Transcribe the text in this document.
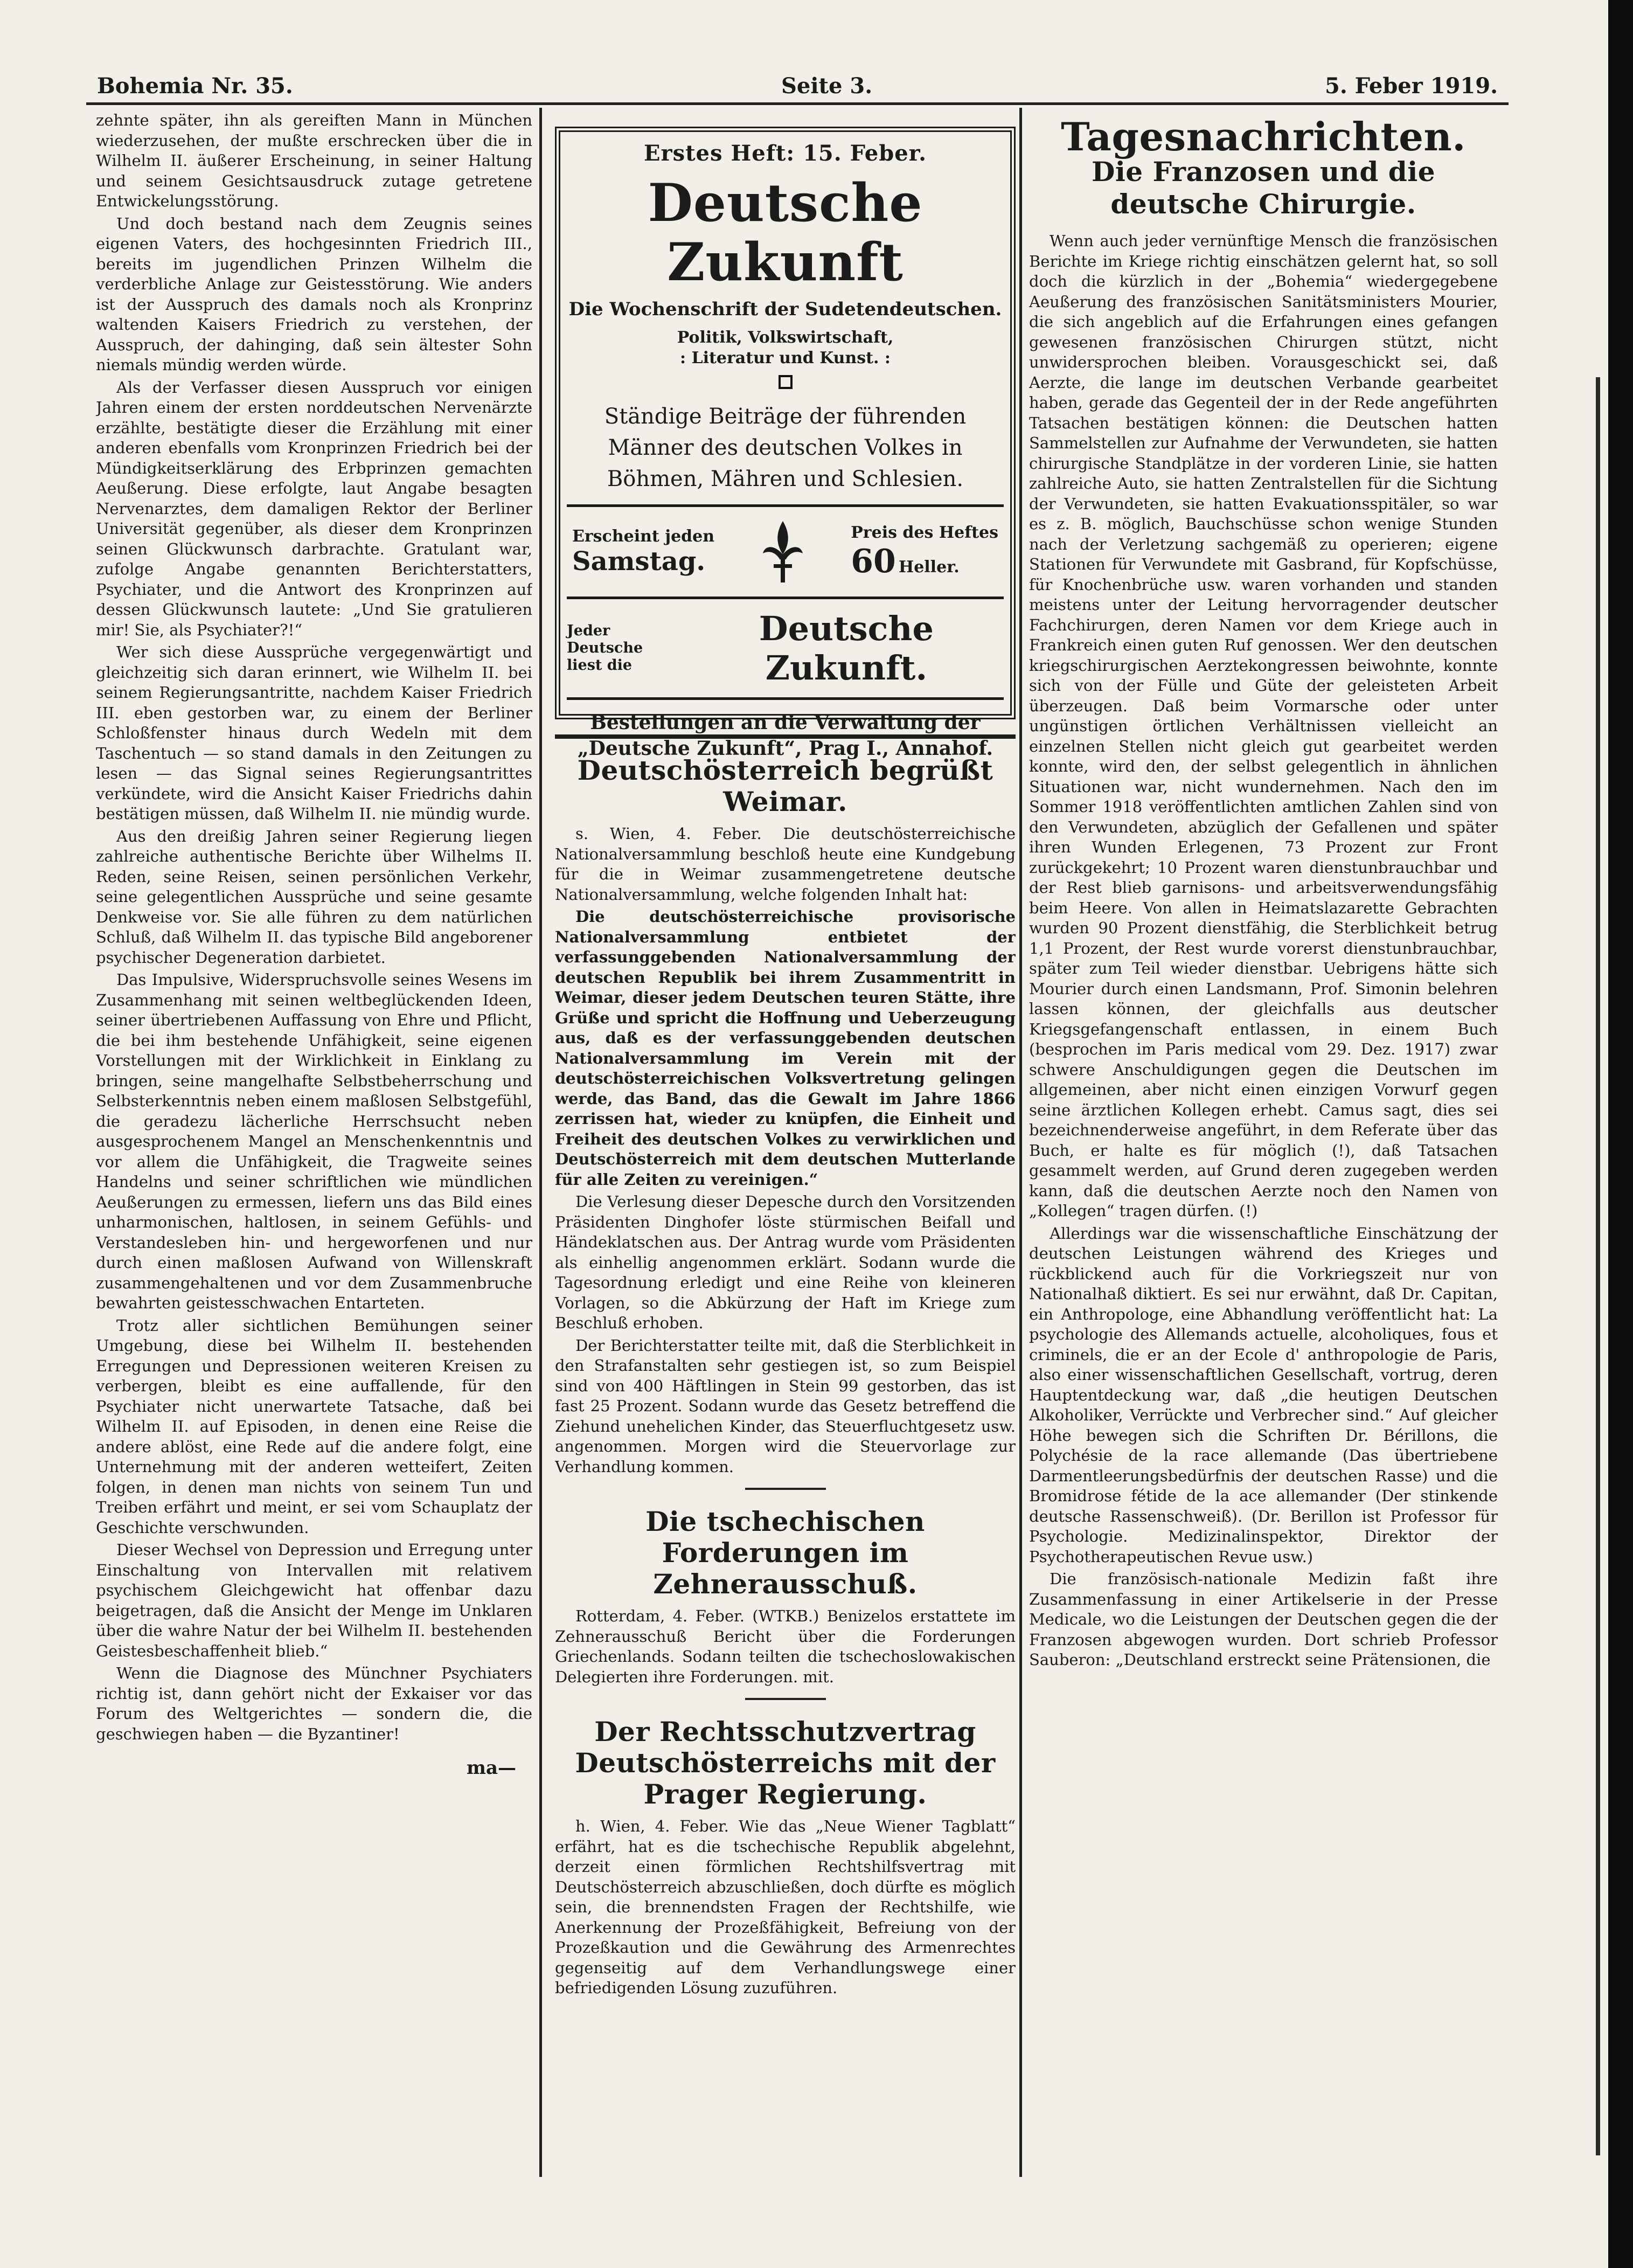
Bohemia Nr. 35.	Seite 3.	5. Feber 1919.

zehnte später, ihn als gereiften Mann in München wiederzusehen, der mußte erschrecken über die in Wilhelm II. äußerer Erscheinung, in seiner Haltung und seinem Gesichtsausdruck zutage getretene Entwickelungsstörung.

Und doch bestand nach dem Zeugnis seines eigenen Vaters, des hochgesinnten Friedrich III., bereits im jugendlichen Prinzen Wilhelm die verderbliche Anlage zur Geistesstörung. Wie anders ist der Ausspruch des damals noch als Kronprinz waltenden Kaisers Friedrich zu verstehen, der Ausspruch, der dahinging, daß sein ältester Sohn niemals mündig werden würde.

Als der Verfasser diesen Ausspruch vor einigen Jahren einem der ersten norddeutschen Nervenärzte erzählte, bestätigte dieser die Erzählung mit einer anderen ebenfalls vom Kronprinzen Friedrich bei der Mündigkeitserklärung des Erbprinzen gemachten Aeußerung. Diese erfolgte, laut Angabe besagten Nervenarztes, dem damaligen Rektor der Berliner Universität gegenüber, als dieser dem Kronprinzen seinen Glückwunsch darbrachte. Gratulant war, zufolge Angabe genannten Berichterstatters, Psychiater, und die Antwort des Kronprinzen auf dessen Glückwunsch lautete: „Und Sie gratulieren mir! Sie, als Psychiater?!“

Wer sich diese Aussprüche vergegenwärtigt und gleichzeitig sich daran erinnert, wie Wilhelm II. bei seinem Regierungsantritte, nachdem Kaiser Friedrich III. eben gestorben war, zu einem der Berliner Schloßfenster hinaus durch Wedeln mit dem Taschentuch — so stand damals in den Zeitungen zu lesen — das Signal seines Regierungsantrittes verkündete, wird die Ansicht Kaiser Friedrichs dahin bestätigen müssen, daß Wilhelm II. nie mündig wurde.

Aus den dreißig Jahren seiner Regierung liegen zahlreiche authentische Berichte über Wilhelms II. Reden, seine Reisen, seinen persönlichen Verkehr, seine gelegentlichen Aussprüche und seine gesamte Denkweise vor. Sie alle führen zu dem natürlichen Schluß, daß Wilhelm II. das typische Bild angeborener psychischer Degeneration darbietet.

Das Impulsive, Widerspruchsvolle seines Wesens im Zusammenhang mit seinen weltbeglückenden Ideen, seiner übertriebenen Auffassung von Ehre und Pflicht, die bei ihm bestehende Unfähigkeit, seine eigenen Vorstellungen mit der Wirklichkeit in Einklang zu bringen, seine mangelhafte Selbstbeherrschung und Selbsterkenntnis neben einem maßlosen Selbstgefühl, die geradezu lächerliche Herrschsucht neben ausgesprochenem Mangel an Menschenkenntnis und vor allem die Unfähigkeit, die Tragweite seines Handelns und seiner schriftlichen wie mündlichen Aeußerungen zu ermessen, liefern uns das Bild eines unharmonischen, haltlosen, in seinem Gefühls- und Verstandesleben hin- und hergeworfenen und nur durch einen maßlosen Aufwand von Willenskraft zusammengehaltenen und vor dem Zusammenbruche bewahrten geistesschwachen Entarteten.

Trotz aller sichtlichen Bemühungen seiner Umgebung, diese bei Wilhelm II. bestehenden Erregungen und Depressionen weiteren Kreisen zu verbergen, bleibt es eine auffallende, für den Psychiater nicht unerwartete Tatsache, daß bei Wilhelm II. auf Episoden, in denen eine Reise die andere ablöst, eine Rede auf die andere folgt, eine Unternehmung mit der anderen wetteifert, Zeiten folgen, in denen man nichts von seinem Tun und Treiben erfährt und meint, er sei vom Schauplatz der Geschichte verschwunden.

Dieser Wechsel von Depression und Erregung unter Einschaltung von Intervallen mit relativem psychischem Gleichgewicht hat offenbar dazu beigetragen, daß die Ansicht der Menge im Unklaren über die wahre Natur der bei Wilhelm II. bestehenden Geistesbeschaffenheit blieb.“

Wenn die Diagnose des Münchner Psychiaters richtig ist, dann gehört nicht der Exkaiser vor das Forum des Weltgerichtes — sondern die, die geschwiegen haben — die Byzantiner!

ma—
Erstes Heft: 15. Feber.
Deutsche Zukunft
Die Wochenschrift der Sudetendeutschen.
Politik, Volkswirtschaft,
: Literatur und Kunst. :
Ständige Beiträge der führenden Männer des deutschen Volkes in Böhmen, Mähren und Schlesien.
Erscheint jeden
Samstag.
Preis des Heftes
60 Heller.
Jeder Deutsche
liest die
Deutsche Zukunft.
Bestellungen an die Verwaltung der
„Deutsche Zukunft“, Prag I., Annahof.
Deutschösterreich begrüßt Weimar.

s. Wien, 4. Feber. Die deutschösterreichische Nationalversammlung beschloß heute eine Kundgebung für die in Weimar zusammengetretene deutsche Nationalversammlung, welche folgenden Inhalt hat:

Die deutschösterreichische provisorische Nationalversammlung entbietet der verfassunggebenden Nationalversammlung der deutschen Republik bei ihrem Zusammentritt in Weimar, dieser jedem Deutschen teuren Stätte, ihre Grüße und spricht die Hoffnung und Ueberzeugung aus, daß es der verfassunggebenden deutschen Nationalversammlung im Verein mit der deutschösterreichischen Volksvertretung gelingen werde, das Band, das die Gewalt im Jahre 1866 zerrissen hat, wieder zu knüpfen, die Einheit und Freiheit des deutschen Volkes zu verwirklichen und Deutschösterreich mit dem deutschen Mutterlande für alle Zeiten zu vereinigen.“

Die Verlesung dieser Depesche durch den Vorsitzenden Präsidenten Dinghofer löste stürmischen Beifall und Händeklatschen aus. Der Antrag wurde vom Präsidenten als einhellig angenommen erklärt. Sodann wurde die Tagesordnung erledigt und eine Reihe von kleineren Vorlagen, so die Abkürzung der Haft im Kriege zum Beschluß erhoben.

Der Berichterstatter teilte mit, daß die Sterblichkeit in den Strafanstalten sehr gestiegen ist, so zum Beispiel sind von 400 Häftlingen in Stein 99 gestorben, das ist fast 25 Prozent. Sodann wurde das Gesetz betreffend die Ziehund unehelichen Kinder, das Steuerfluchtgesetz usw. angenommen. Morgen wird die Steuervorlage zur Verhandlung kommen.

Die tschechischen Forderungen im Zehnerausschuß.

Rotterdam, 4. Feber. (WTKB.) Benizelos erstattete im Zehnerausschuß Bericht über die Forderungen Griechenlands. Sodann teilten die tschechoslowakischen Delegierten ihre Forderungen. mit.

Der Rechtsschutzvertrag Deutschösterreichs mit der Prager Regierung.

h. Wien, 4. Feber. Wie das „Neue Wiener Tagblatt“ erfährt, hat es die tschechische Republik abgelehnt, derzeit einen förmlichen Rechtshilfsvertrag mit Deutschösterreich abzuschließen, doch dürfte es möglich sein, die brennendsten Fragen der Rechtshilfe, wie Anerkennung der Prozeßfähigkeit, Befreiung von der Prozeßkaution und die Gewährung des Armenrechtes gegenseitig auf dem Verhandlungswege einer befriedigenden Lösung zuzuführen.

Tagesnachrichten.
Die Franzosen und die deutsche Chirurgie.

Wenn auch jeder vernünftige Mensch die französischen Berichte im Kriege richtig einschätzen gelernt hat, so soll doch die kürzlich in der „Bohemia“ wiedergegebene Aeußerung des französischen Sanitätsministers Mourier, die sich angeblich auf die Erfahrungen eines gefangen gewesenen französischen Chirurgen stützt, nicht unwidersprochen bleiben. Vorausgeschickt sei, daß Aerzte, die lange im deutschen Verbande gearbeitet haben, gerade das Gegenteil der in der Rede angeführten Tatsachen bestätigen können: die Deutschen hatten Sammelstellen zur Aufnahme der Verwundeten, sie hatten chirurgische Standplätze in der vorderen Linie, sie hatten zahlreiche Auto, sie hatten Zentralstellen für die Sichtung der Verwundeten, sie hatten Evakuationsspitäler, so war es z. B. möglich, Bauchschüsse schon wenige Stunden nach der Verletzung sachgemäß zu operieren; eigene Stationen für Verwundete mit Gasbrand, für Kopfschüsse, für Knochenbrüche usw. waren vorhanden und standen meistens unter der Leitung hervorragender deutscher Fachchirurgen, deren Namen vor dem Kriege auch in Frankreich einen guten Ruf genossen. Wer den deutschen kriegschirurgischen Aerztekongressen beiwohnte, konnte sich von der Fülle und Güte der geleisteten Arbeit überzeugen. Daß beim Vormarsche oder unter ungünstigen örtlichen Verhältnissen vielleicht an einzelnen Stellen nicht gleich gut gearbeitet werden konnte, wird den, der selbst gelegentlich in ähnlichen Situationen war, nicht wundernehmen. Nach den im Sommer 1918 veröffentlichten amtlichen Zahlen sind von den Verwundeten, abzüglich der Gefallenen und später ihren Wunden Erlegenen, 73 Prozent zur Front zurückgekehrt; 10 Prozent waren dienstunbrauchbar und der Rest blieb garnisons- und arbeitsverwendungsfähig beim Heere. Von allen in Heimatslazarette Gebrachten wurden 90 Prozent dienstfähig, die Sterblichkeit betrug 1,1 Prozent, der Rest wurde vorerst dienstunbrauchbar, später zum Teil wieder dienstbar. Uebrigens hätte sich Mourier durch einen Landsmann, Prof. Simonin belehren lassen können, der gleichfalls aus deutscher Kriegsgefangenschaft entlassen, in einem Buch (besprochen im Paris medical vom 29. Dez. 1917) zwar schwere Anschuldigungen gegen die Deutschen im allgemeinen, aber nicht einen einzigen Vorwurf gegen seine ärztlichen Kollegen erhebt. Camus sagt, dies sei bezeichnenderweise angeführt, in dem Referate über das Buch, er halte es für möglich (!), daß Tatsachen gesammelt werden, auf Grund deren zugegeben werden kann, daß die deutschen Aerzte noch den Namen von „Kollegen“ tragen dürfen. (!)

Allerdings war die wissenschaftliche Einschätzung der deutschen Leistungen während des Krieges und rückblickend auch für die Vorkriegszeit nur von Nationalhaß diktiert. Es sei nur erwähnt, daß Dr. Capitan, ein Anthropologe, eine Abhandlung veröffentlicht hat: La psychologie des Allemands actuelle, alcoholiques, fous et criminels, die er an der Ecole d' anthropologie de Paris, also einer wissenschaftlichen Gesellschaft, vortrug, deren Hauptentdeckung war, daß „die heutigen Deutschen Alkoholiker, Verrückte und Verbrecher sind.“ Auf gleicher Höhe bewegen sich die Schriften Dr. Bérillons, die Polychésie de la race allemande (Das übertriebene Darmentleerungsbedürfnis der deutschen Rasse) und die Bromidrose fétide de la ace allemander (Der stinkende deutsche Rassenschweiß). (Dr. Berillon ist Professor für Psychologie. Medizinalinspektor, Direktor der Psychotherapeutischen Revue usw.)

Die französisch-nationale Medizin faßt ihre Zusammenfassung in einer Artikelserie in der Presse Medicale, wo die Leistungen der Deutschen gegen die der Franzosen abgewogen wurden. Dort schrieb Professor Sauberon: „Deutschland erstreckt seine Prätensionen, die
